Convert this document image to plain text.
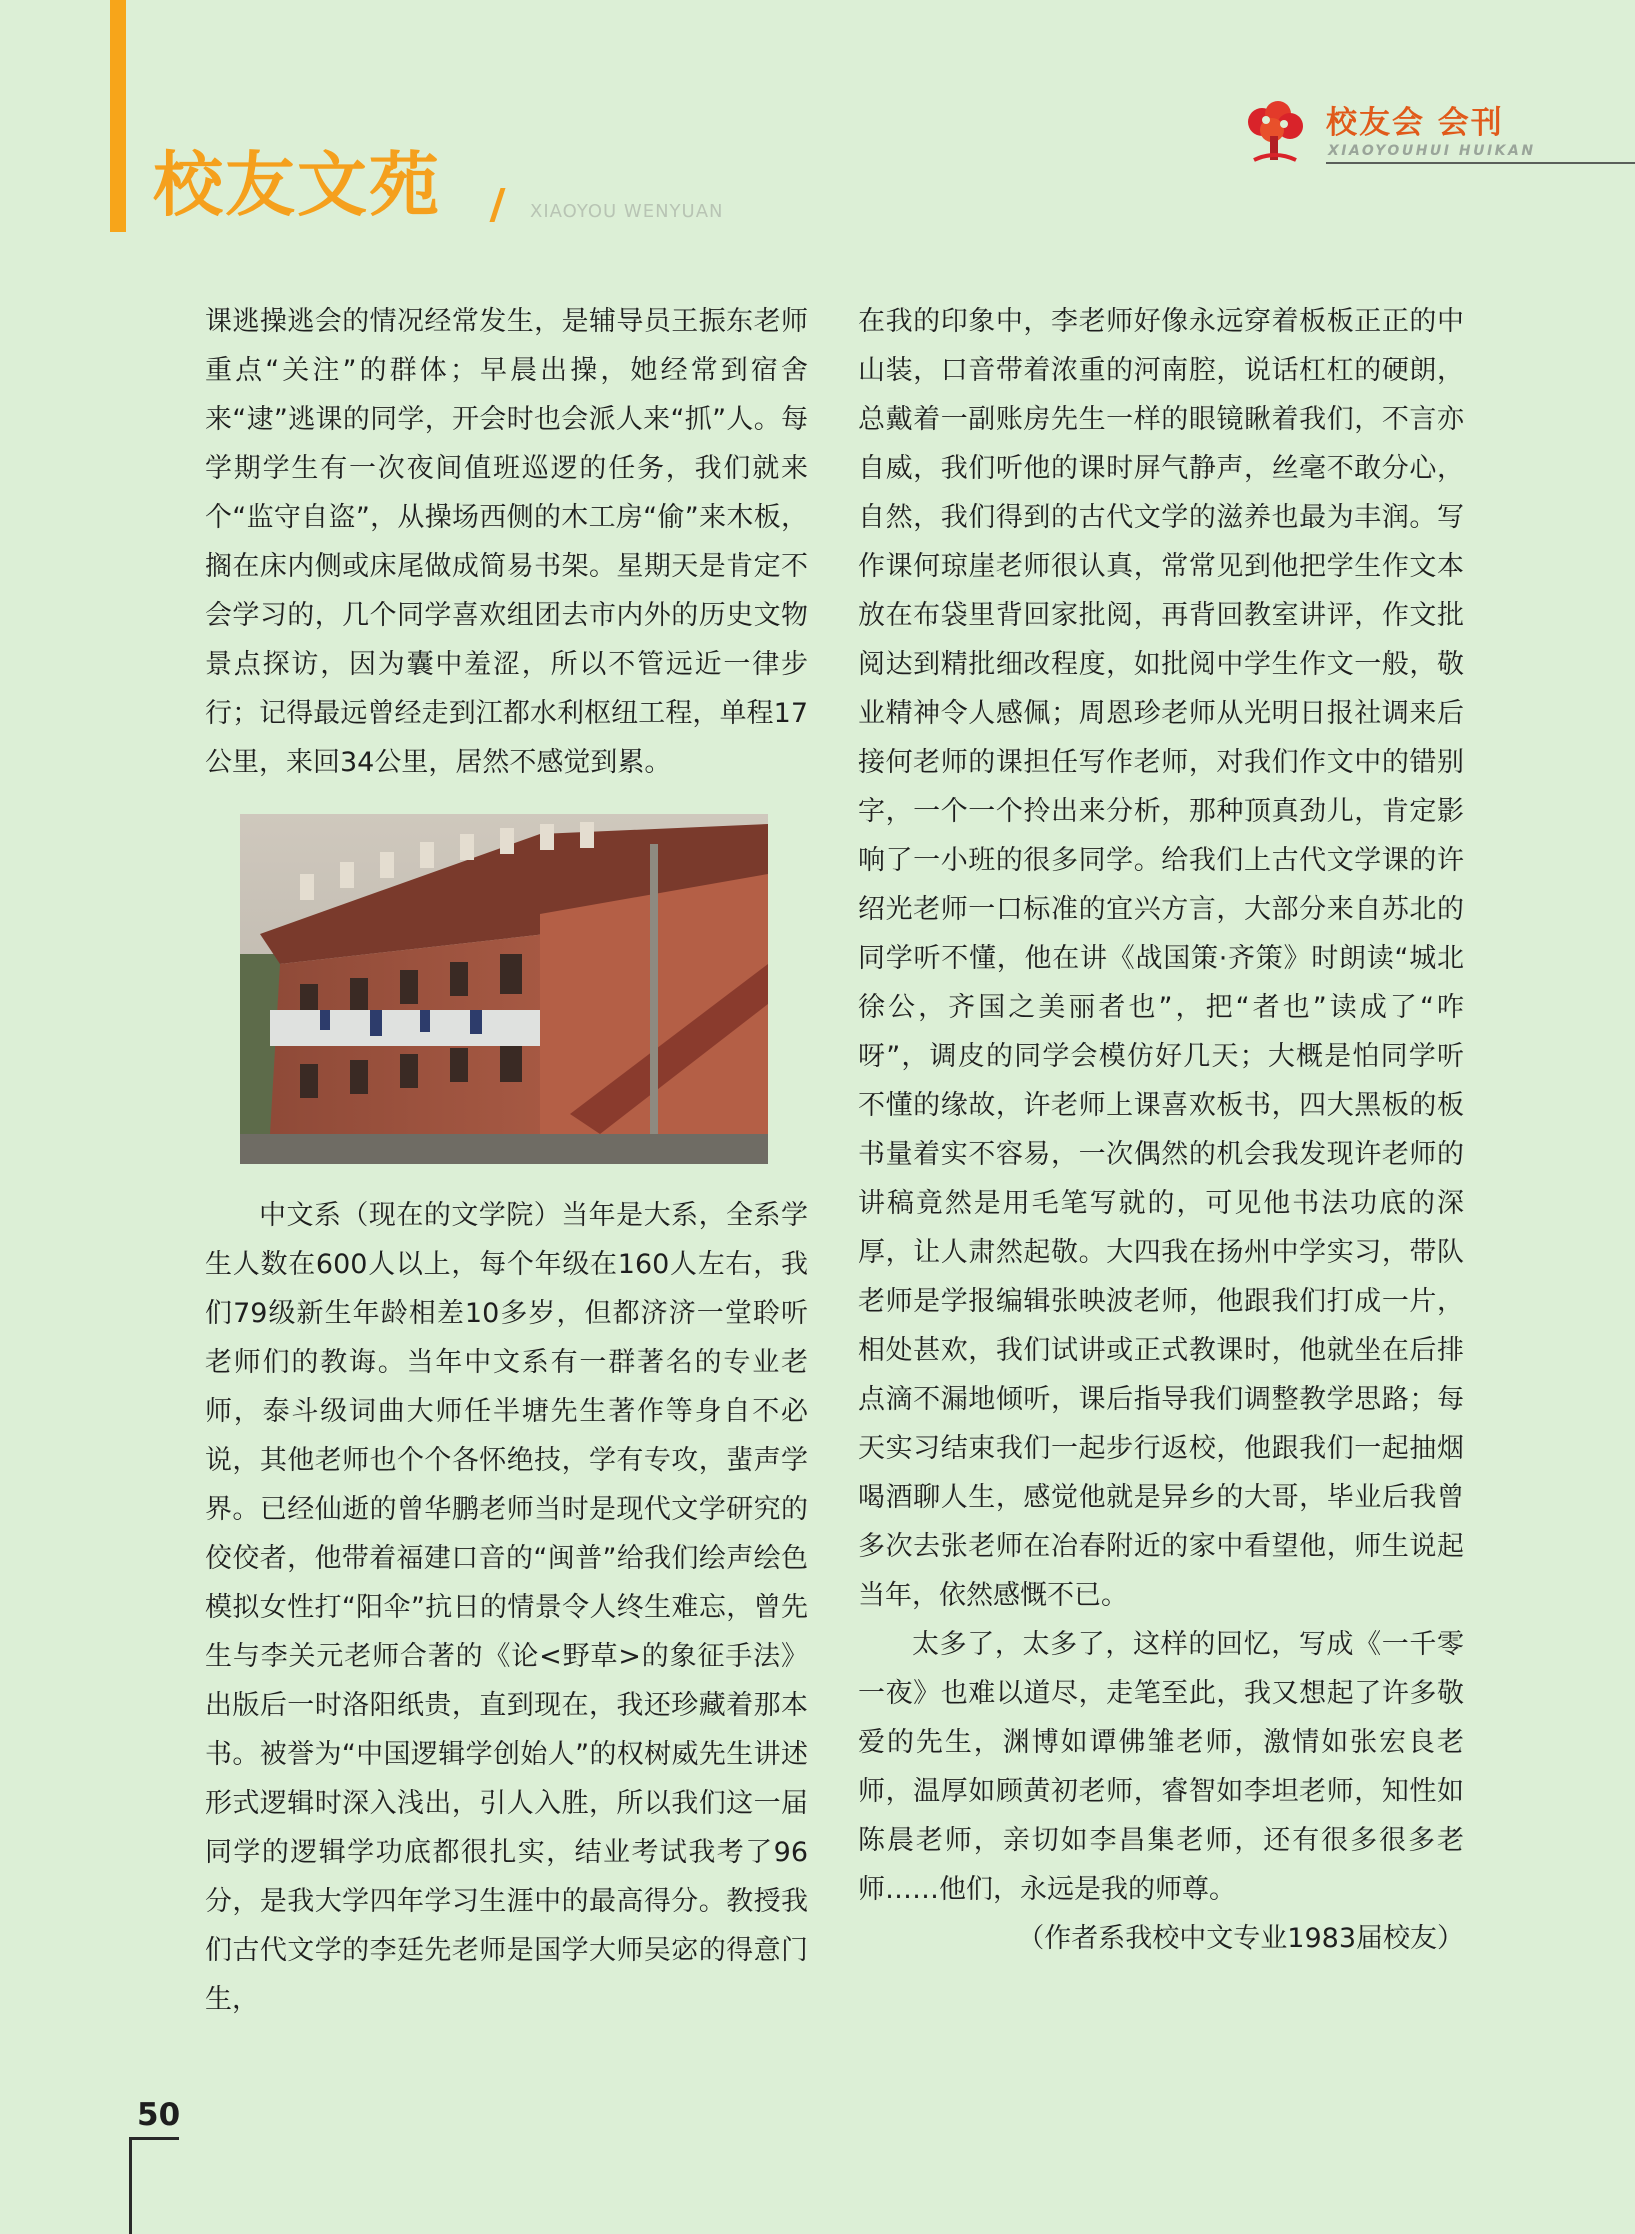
校友文苑	XIAOYOU WENYUAN
校友会 会刊
XIAOYOUHUI HUIKAN

课逃操逃会的情况经常发生，是辅导员王振东老师重点“关注”的群体；早晨出操，她经常到宿舍来“逮”逃课的同学，开会时也会派人来“抓”人。每学期学生有一次夜间值班巡逻的任务，我们就来个“监守自盗”，从操场西侧的木工房“偷”来木板，搁在床内侧或床尾做成简易书架。星期天是肯定不会学习的，几个同学喜欢组团去市内外的历史文物景点探访，因为囊中羞涩，所以不管远近一律步行；记得最远曾经走到江都水利枢纽工程，单程17公里，来回34公里，居然不感觉到累。

中文系（现在的文学院）当年是大系，全系学生人数在600人以上，每个年级在160人左右，我们79级新生年龄相差10多岁，但都济济一堂聆听老师们的教诲。当年中文系有一群著名的专业老师，泰斗级词曲大师任半塘先生著作等身自不必说，其他老师也个个各怀绝技，学有专攻，蜚声学界。已经仙逝的曾华鹏老师当时是现代文学研究的佼佼者，他带着福建口音的“闽普”给我们绘声绘色模拟女性打“阳伞”抗日的情景令人终生难忘，曾先生与李关元老师合著的《论<野草>的象征手法》出版后一时洛阳纸贵，直到现在，我还珍藏着那本书。被誉为“中国逻辑学创始人”的权树威先生讲述形式逻辑时深入浅出，引人入胜，所以我们这一届同学的逻辑学功底都很扎实，结业考试我考了96分，是我大学四年学习生涯中的最高得分。教授我们古代文学的李廷先老师是国学大师吴宓的得意门生，

在我的印象中，李老师好像永远穿着板板正正的中山装，口音带着浓重的河南腔，说话杠杠的硬朗，总戴着一副账房先生一样的眼镜瞅着我们，不言亦自威，我们听他的课时屏气静声，丝毫不敢分心，自然，我们得到的古代文学的滋养也最为丰润。写作课何琼崖老师很认真，常常见到他把学生作文本放在布袋里背回家批阅，再背回教室讲评，作文批阅达到精批细改程度，如批阅中学生作文一般，敬业精神令人感佩；周恩珍老师从光明日报社调来后接何老师的课担任写作老师，对我们作文中的错别字，一个一个拎出来分析，那种顶真劲儿，肯定影响了一小班的很多同学。给我们上古代文学课的许绍光老师一口标准的宜兴方言，大部分来自苏北的同学听不懂，他在讲《战国策·齐策》时朗读“城北徐公，齐国之美丽者也”，把“者也”读成了“咋呀”，调皮的同学会模仿好几天；大概是怕同学听不懂的缘故，许老师上课喜欢板书，四大黑板的板书量着实不容易，一次偶然的机会我发现许老师的讲稿竟然是用毛笔写就的，可见他书法功底的深厚，让人肃然起敬。大四我在扬州中学实习，带队老师是学报编辑张映波老师，他跟我们打成一片，相处甚欢，我们试讲或正式教课时，他就坐在后排点滴不漏地倾听，课后指导我们调整教学思路；每天实习结束我们一起步行返校，他跟我们一起抽烟喝酒聊人生，感觉他就是异乡的大哥，毕业后我曾多次去张老师在冶春附近的家中看望他，师生说起当年，依然感慨不已。

太多了，太多了，这样的回忆，写成《一千零一夜》也难以道尽，走笔至此，我又想起了许多敬爱的先生，渊博如谭佛雏老师，激情如张宏良老师，温厚如顾黄初老师，睿智如李坦老师，知性如陈晨老师，亲切如李昌集老师，还有很多很多老师……他们，永远是我的师尊。

（作者系我校中文专业1983届校友）

50
